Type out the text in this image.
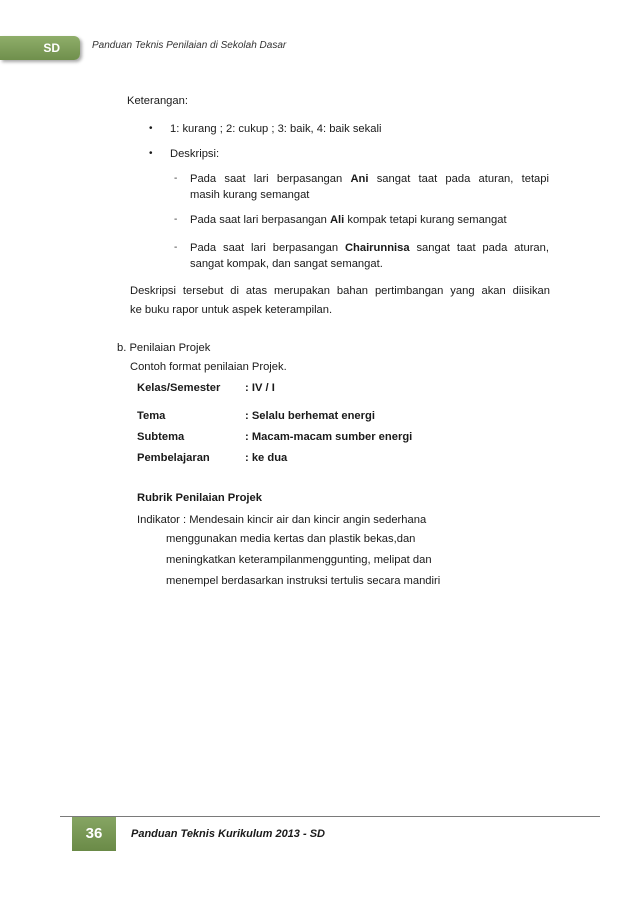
SD	Panduan Teknis Penilaian di Sekolah Dasar
Keterangan:
• 1: kurang ; 2: cukup ; 3: baik, 4: baik sekali
• Deskripsi:
- Pada saat lari berpasangan Ani sangat taat pada aturan, tetapi
masih kurang semangat
- Pada saat lari berpasangan Ali kompak tetapi kurang semangat
- Pada saat lari berpasangan Chairunnisa sangat taat pada aturan,
sangat kompak, dan sangat semangat.
Deskripsi tersebut di atas merupakan bahan pertimbangan yang akan diisikan
ke buku rapor untuk aspek keterampilan.
b. Penilaian Projek
Contoh format penilaian Projek.
Kelas/Semester : IV / I
Tema	: Selalu berhemat energi
Subtema	: Macam-macam sumber energi
Pembelajaran	: ke dua
Rubrik Penilaian Projek
Indikator : Mendesain kincir air dan kincir angin sederhana
menggunakan media kertas dan plastik bekas,dan
meningkatkan keterampilanmenggunting, melipat dan
menempel berdasarkan instruksi tertulis secara mandiri
36	Panduan Teknis Kurikulum 2013 - SD
